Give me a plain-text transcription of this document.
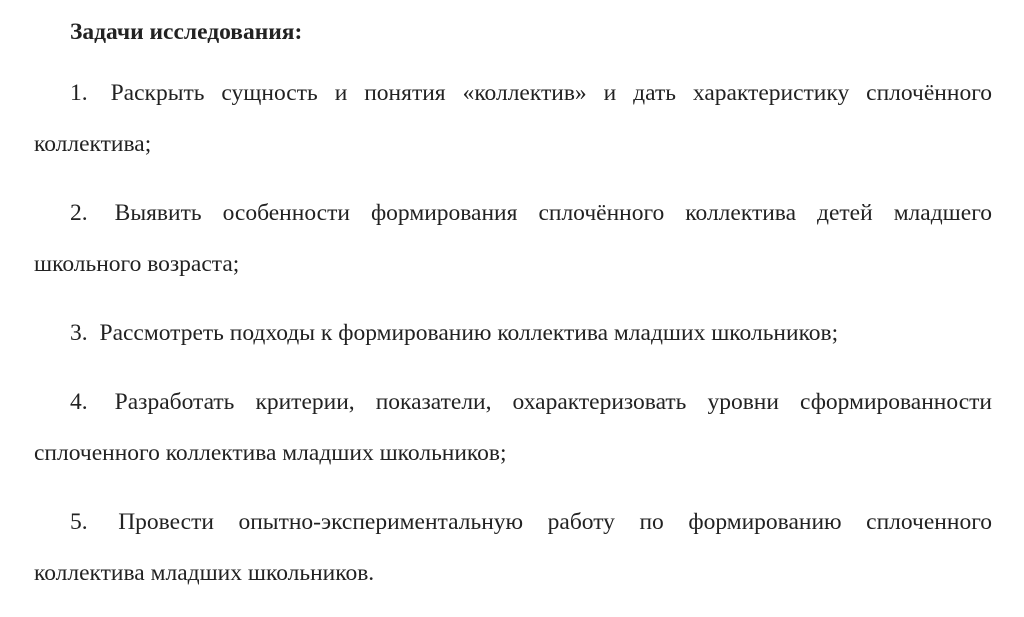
Задачи исследования:

1. Раскрыть сущность и понятия «коллектив» и дать характеристику сплочённого коллектива;

2. Выявить особенности формирования сплочённого коллектива детей младшего школьного возраста;

3. Рассмотреть подходы к формированию коллектива младших школьников;

4. Разработать критерии, показатели, охарактеризовать уровни сформированности сплоченного коллектива младших школьников;

5. Провести опытно-экспериментальную работу по формированию сплоченного коллектива младших школьников.
